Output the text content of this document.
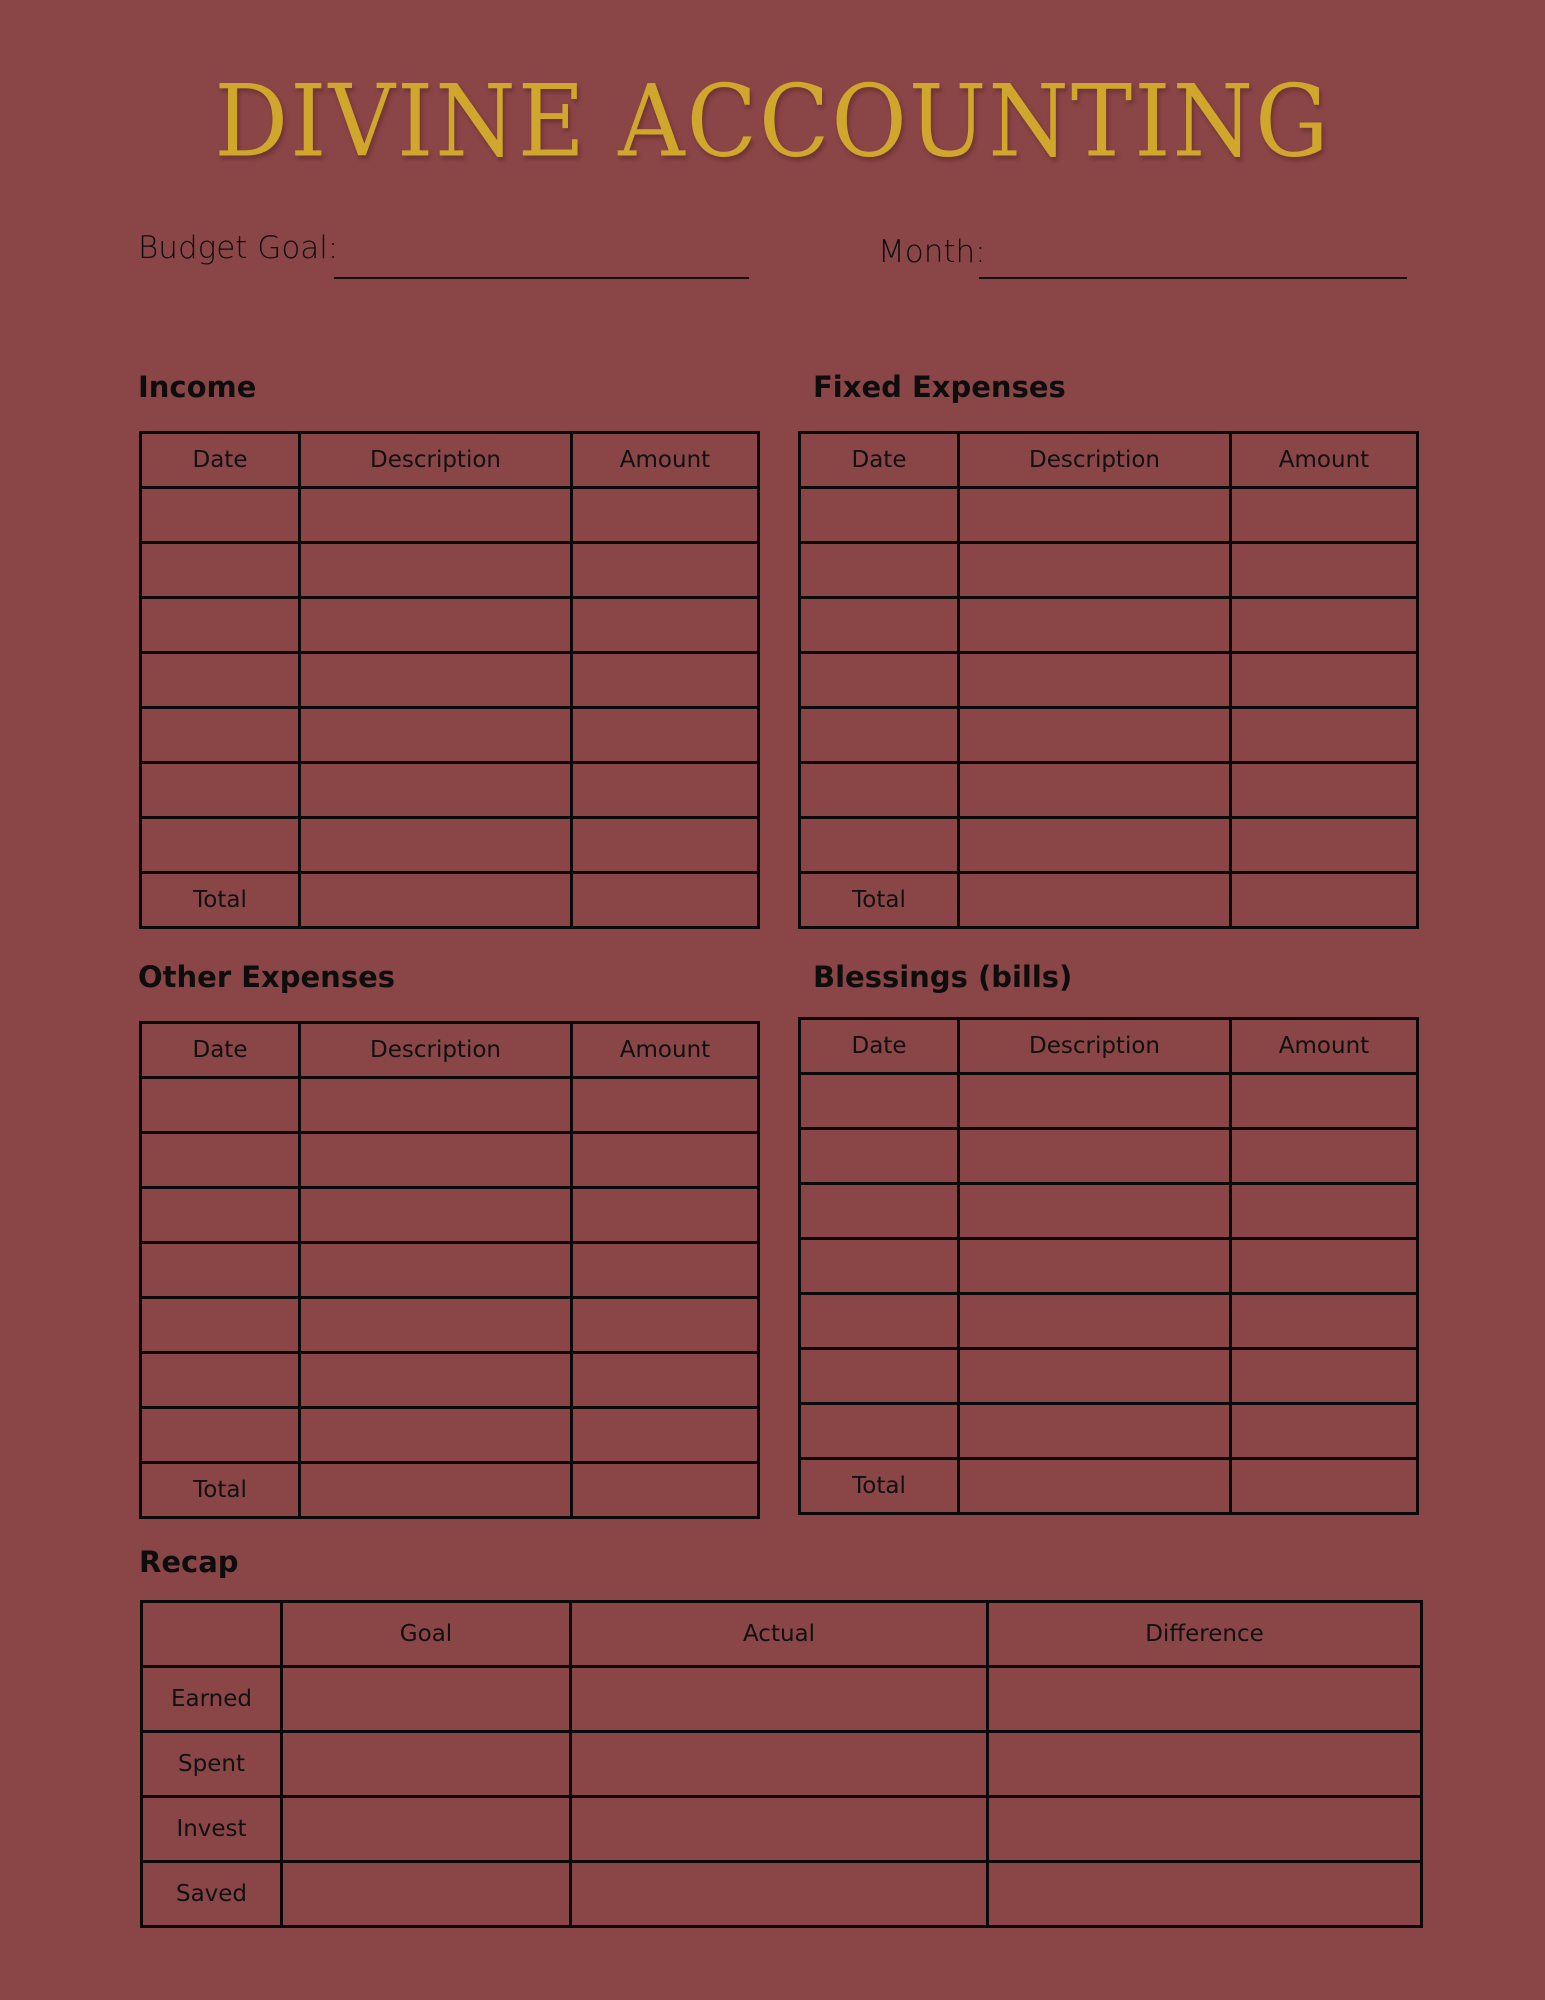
DIVINE ACCOUNTING
Budget Goal:	Month:
Income	Fixed Expenses
Other Expenses	Blessings (bills)
Date	Description	Amount

Total		
Date	Description	Amount

Total		
Date	Description	Amount

Total		
Date	Description	Amount

Total		
Recap
	Goal	Actual	Difference
Earned			
Spent			
Invest			
Saved			
